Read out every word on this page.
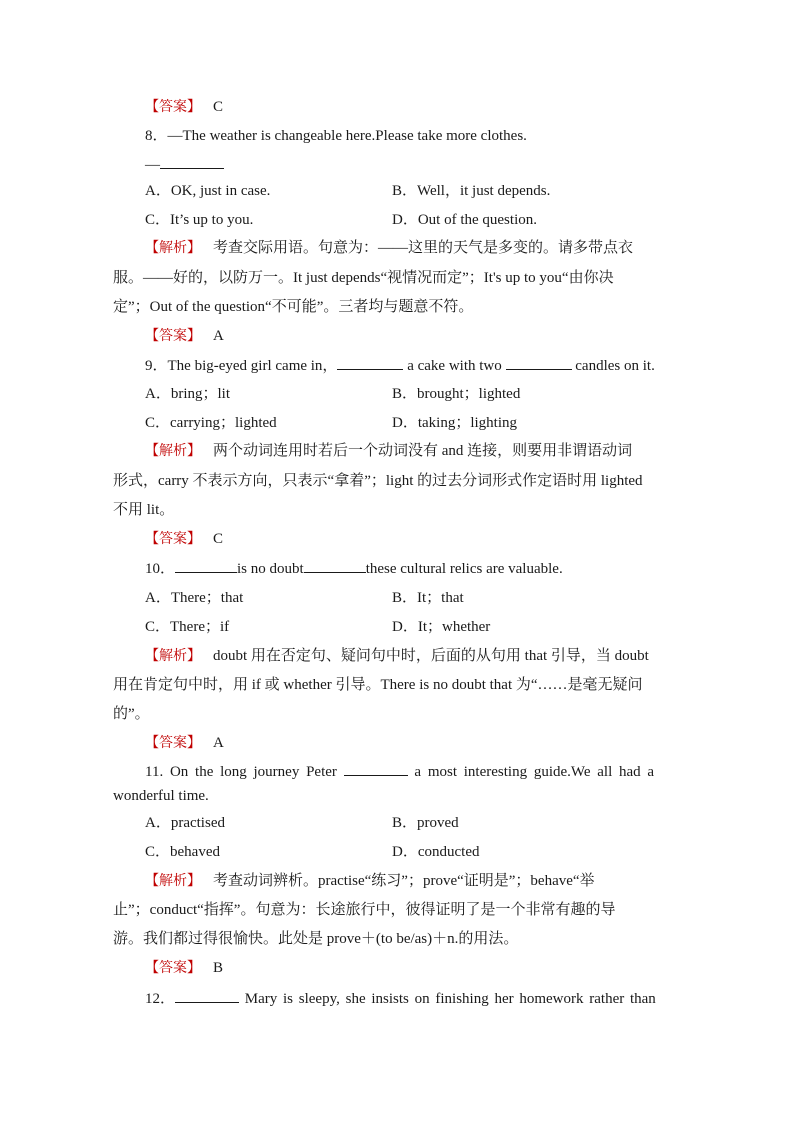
【答案】 C
8．—The weather is changeable here.Please take more clothes.
—
A．OK, just in case.	B．Well，it just depends.
C．It’s up to you.	D．Out of the question.
【解析】 考查交际用语。句意为：——这里的天气是多变的。请多带点衣
服。——好的，以防万一。It just depends“视情况而定”；It's up to you“由你决
定”；Out of the question“不可能”。三者均与题意不符。
【答案】 A
9．The big-eyed girl came in，	a cake with two	candles on it.
A．bring；lit	B．brought；lighted
C．carrying；lighted	D．taking；lighting
【解析】 两个动词连用时若后一个动词没有 and 连接，则要用非谓语动词
形式，carry 不表示方向，只表示“拿着”；light 的过去分词形式作定语时用 lighted
不用 lit。
【答案】 C
10．	is no doubt	these cultural relics are valuable.
A．There；that	B．It；that
C．There；if	D．It；whether
【解析】 doubt 用在否定句、疑问句中时，后面的从句用 that 引导，当 doubt
用在肯定句中时，用 if 或 whether 引导。There is no doubt that 为“……是毫无疑问
的”。
【答案】 A
11. On the long journey Peter	a most interesting guide.We all had a
wonderful time.
A．practised	B．proved
C．behaved	D．conducted
【解析】 考查动词辨析。practise“练习”；prove“证明是”；behave“举
止”；conduct“指挥”。句意为：长途旅行中，彼得证明了是一个非常有趣的导
游。我们都过得很愉快。此处是 prove＋(to be/as)＋n.的用法。
【答案】 B
12．	Mary is sleepy, she insists on finishing her homework rather than
